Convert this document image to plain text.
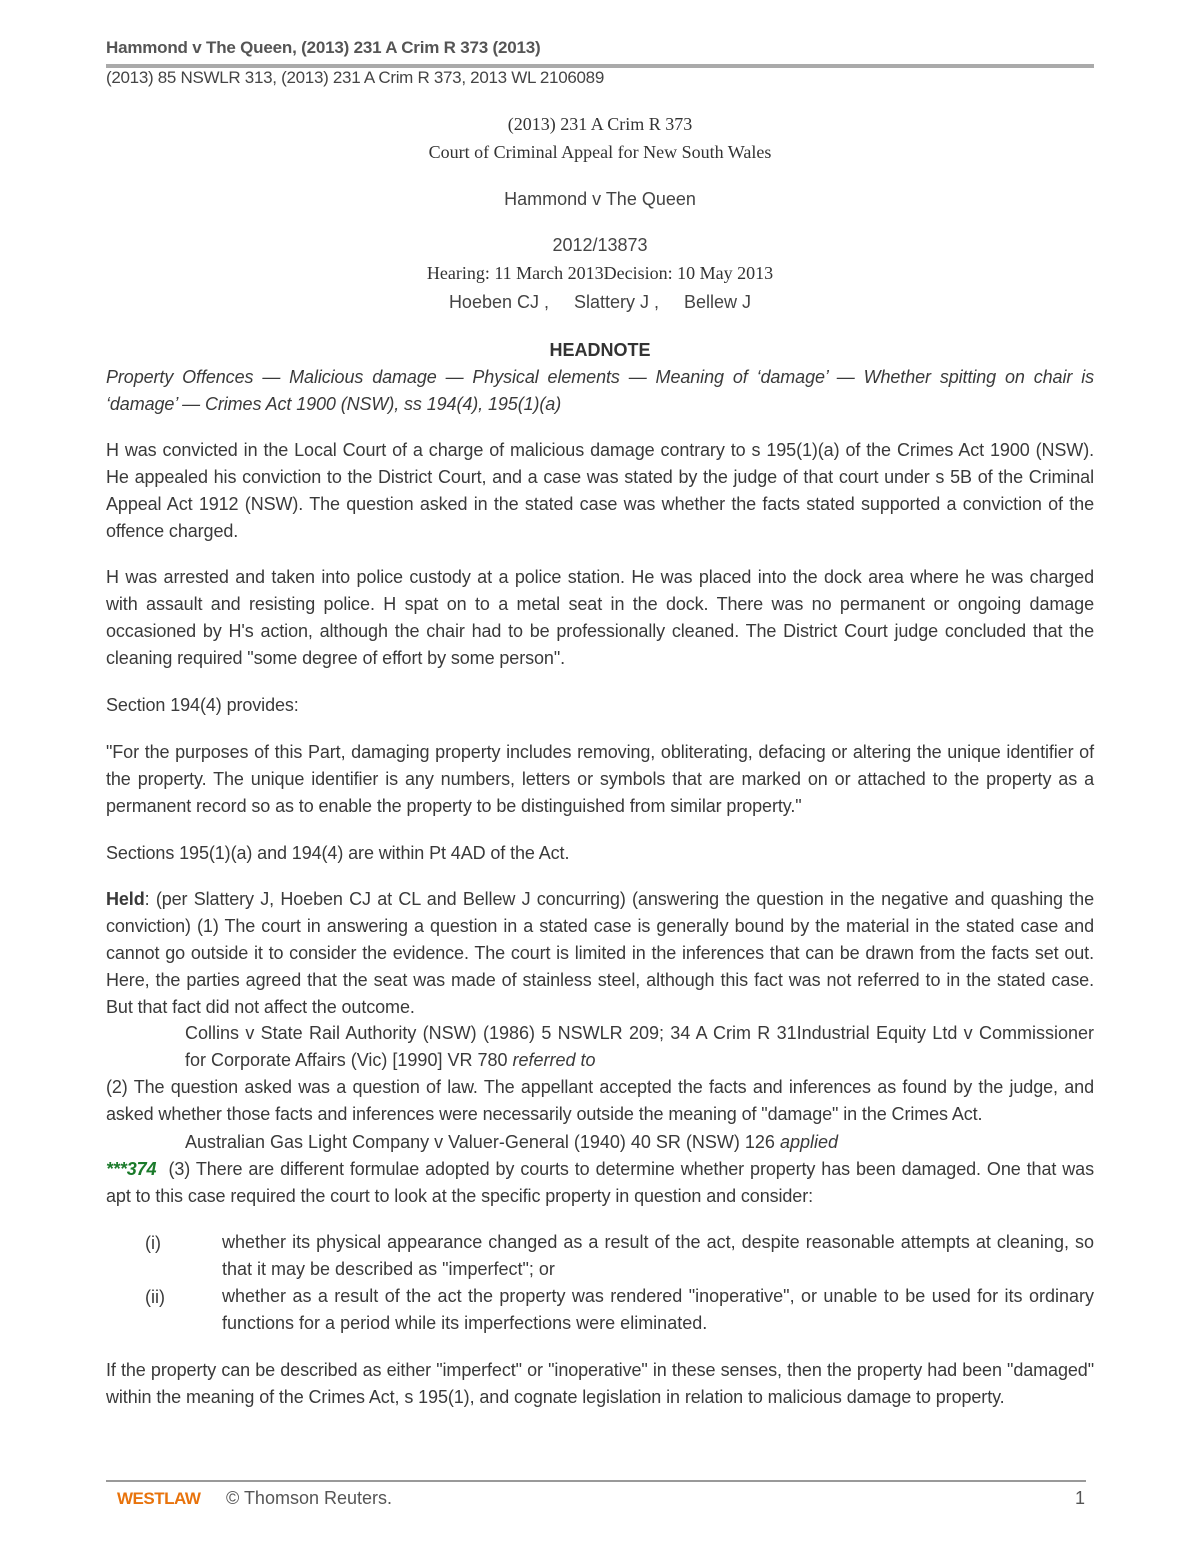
Hammond v The Queen, (2013) 231 A Crim R 373 (2013)
(2013) 85 NSWLR 313, (2013) 231 A Crim R 373, 2013 WL 2106089
(2013) 231 A Crim R 373
Court of Criminal Appeal for New South Wales
Hammond v The Queen
2012/13873
Hearing: 11 March 2013Decision: 10 May 2013
Hoeben CJ ,     Slattery J ,     Bellew J
HEADNOTE
Property Offences — Malicious damage — Physical elements — Meaning of ‘damage’ — Whether spitting on chair is ‘damage’ — Crimes Act 1900 (NSW), ss 194(4), 195(1)(a)
H was convicted in the Local Court of a charge of malicious damage contrary to s 195(1)(a) of the Crimes Act 1900 (NSW). He appealed his conviction to the District Court, and a case was stated by the judge of that court under s 5B of the Criminal Appeal Act 1912 (NSW). The question asked in the stated case was whether the facts stated supported a conviction of the offence charged.
H was arrested and taken into police custody at a police station. He was placed into the dock area where he was charged with assault and resisting police. H spat on to a metal seat in the dock. There was no permanent or ongoing damage occasioned by H's action, although the chair had to be professionally cleaned. The District Court judge concluded that the cleaning required "some degree of effort by some person".
Section 194(4) provides:
"For the purposes of this Part, damaging property includes removing, obliterating, defacing or altering the unique identifier of the property. The unique identifier is any numbers, letters or symbols that are marked on or attached to the property as a permanent record so as to enable the property to be distinguished from similar property."
Sections 195(1)(a) and 194(4) are within Pt 4AD of the Act.
Held: (per Slattery J, Hoeben CJ at CL and Bellew J concurring) (answering the question in the negative and quashing the conviction) (1) The court in answering a question in a stated case is generally bound by the material in the stated case and cannot go outside it to consider the evidence. The court is limited in the inferences that can be drawn from the facts set out. Here, the parties agreed that the seat was made of stainless steel, although this fact was not referred to in the stated case. But that fact did not affect the outcome.
Collins v State Rail Authority (NSW) (1986) 5 NSWLR 209; 34 A Crim R 31Industrial Equity Ltd v Commissioner for Corporate Affairs (Vic) [1990] VR 780 referred to
(2) The question asked was a question of law. The appellant accepted the facts and inferences as found by the judge, and asked whether those facts and inferences were necessarily outside the meaning of "damage" in the Crimes Act.
Australian Gas Light Company v Valuer-General (1940) 40 SR (NSW) 126 applied
***374 (3) There are different formulae adopted by courts to determine whether property has been damaged. One that was apt to this case required the court to look at the specific property in question and consider:
(i)	whether its physical appearance changed as a result of the act, despite reasonable attempts at cleaning, so that it may be described as "imperfect"; or
(ii)	whether as a result of the act the property was rendered "inoperative", or unable to be used for its ordinary functions for a period while its imperfections were eliminated.
If the property can be described as either "imperfect" or "inoperative" in these senses, then the property had been "damaged" within the meaning of the Crimes Act, s 195(1), and cognate legislation in relation to malicious damage to property.
WESTLAW © Thomson Reuters.	1
